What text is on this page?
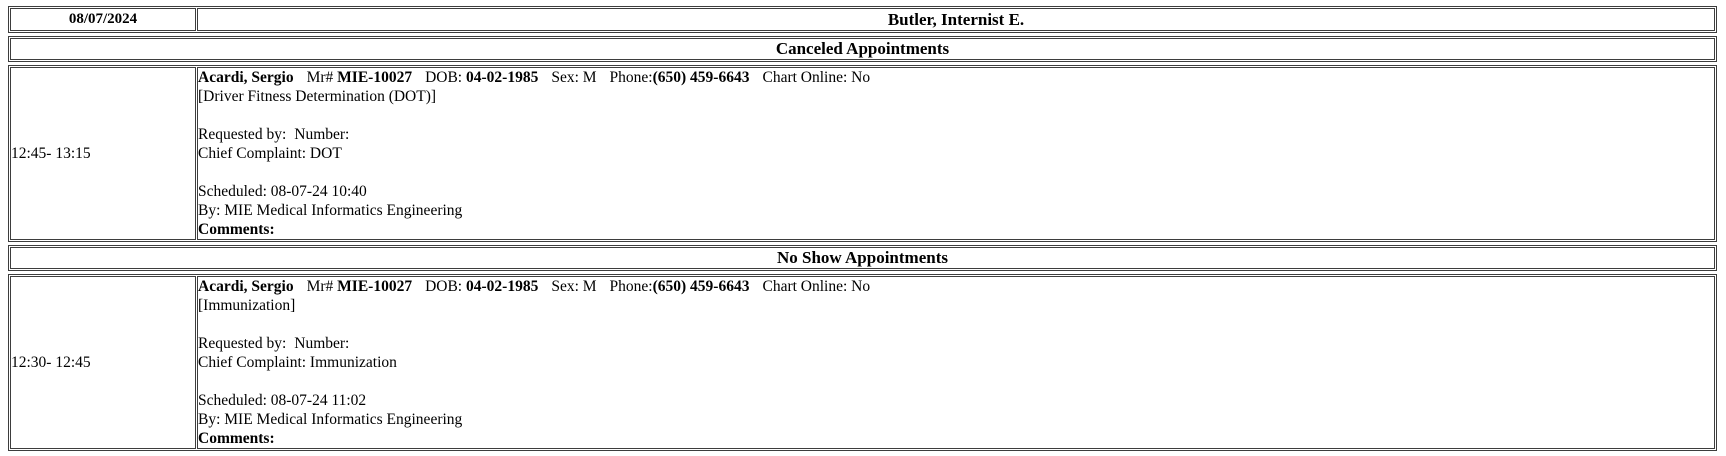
08/07/2024	Butler, Internist E.
Canceled Appointments
12:45- 13:15	
Acardi, Sergio Mr# MIE-10027 DOB: 04-02-1985 Sex: M Phone:(650) 459-6643 Chart Online: No
[Driver Fitness Determination (DOT)]

Requested by: Number:
Chief Complaint: DOT

Scheduled: 08-07-24 10:40
By: MIE Medical Informatics Engineering
Comments:
No Show Appointments
12:30- 12:45	
Acardi, Sergio Mr# MIE-10027 DOB: 04-02-1985 Sex: M Phone:(650) 459-6643 Chart Online: No
[Immunization]

Requested by: Number:
Chief Complaint: Immunization

Scheduled: 08-07-24 11:02
By: MIE Medical Informatics Engineering
Comments:
